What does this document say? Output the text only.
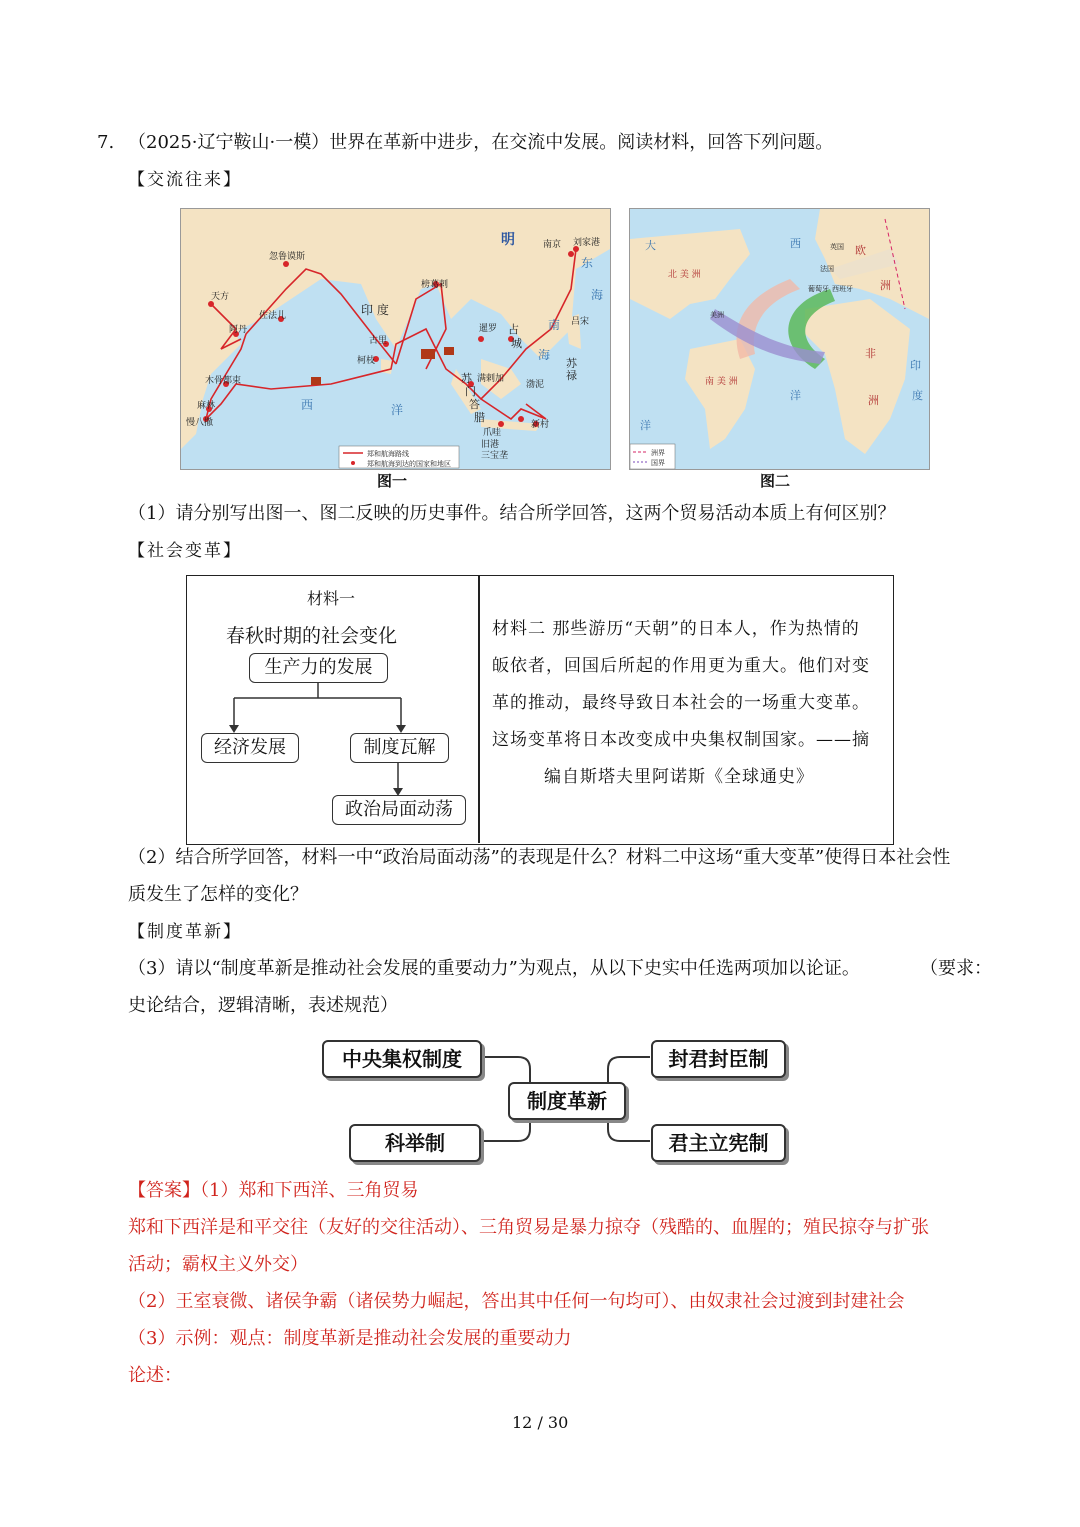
7. （2025·辽宁鞍山·一模）世界在革新中进步，在交流中发展。阅读材料，回答下列问题。
【交流往来】
忽鲁谟斯
天方
阿丹
佐法儿	印 度
榜葛剌
古里
柯枝
木骨都束
麻林
慢八撒
暹罗 占
城
苏
禄
满剌加
苏
门
答
腊
旧港
爪哇
新村
三宝垄
渤泥
吕宋
南京 刘家港
东
海
南
海
西	洋
明
郑和航海路线
郑和航海到达的国家和地区
图一
北 美 洲
南 美 洲
欧
洲
非
洲
大	西
洋
印
度
洋
英国
法国
葡萄牙 西班牙
美洲
洲界
国界
图二
（1）请分别写出图一、图二反映的历史事件。结合所学回答，这两个贸易活动本质上有何区别？
【社会变革】
材料一
春秋时期的社会变化
生产力的发展
经济发展	制度瓦解
政治局面动荡
材料二 那些游历“天朝”的日本人，作为热情的
皈依者，回国后所起的作用更为重大。他们对变
革的推动，最终导致日本社会的一场重大变革。
这场变革将日本改变成中央集权制国家。——摘
编自斯塔夫里阿诺斯《全球通史》
（2）结合所学回答，材料一中“政治局面动荡”的表现是什么？材料二中这场“重大变革”使得日本社会性
质发生了怎样的变化？
【制度革新】
（3）请以“制度革新是推动社会发展的重要动力”为观点，从以下史实中任选两项加以论证。	（要求：
史论结合，逻辑清晰，表述规范）
中央集权制度
科举制
制度革新
封君封臣制
君主立宪制
【答案】（1）郑和下西洋、三角贸易
郑和下西洋是和平交往（友好的交往活动）、三角贸易是暴力掠夺（残酷的、血腥的；殖民掠夺与扩张
活动；霸权主义外交）
（2）王室衰微、诸侯争霸（诸侯势力崛起，答出其中任何一句均可）、由奴隶社会过渡到封建社会
（3）示例：观点：制度革新是推动社会发展的重要动力
论述：
12 / 30
